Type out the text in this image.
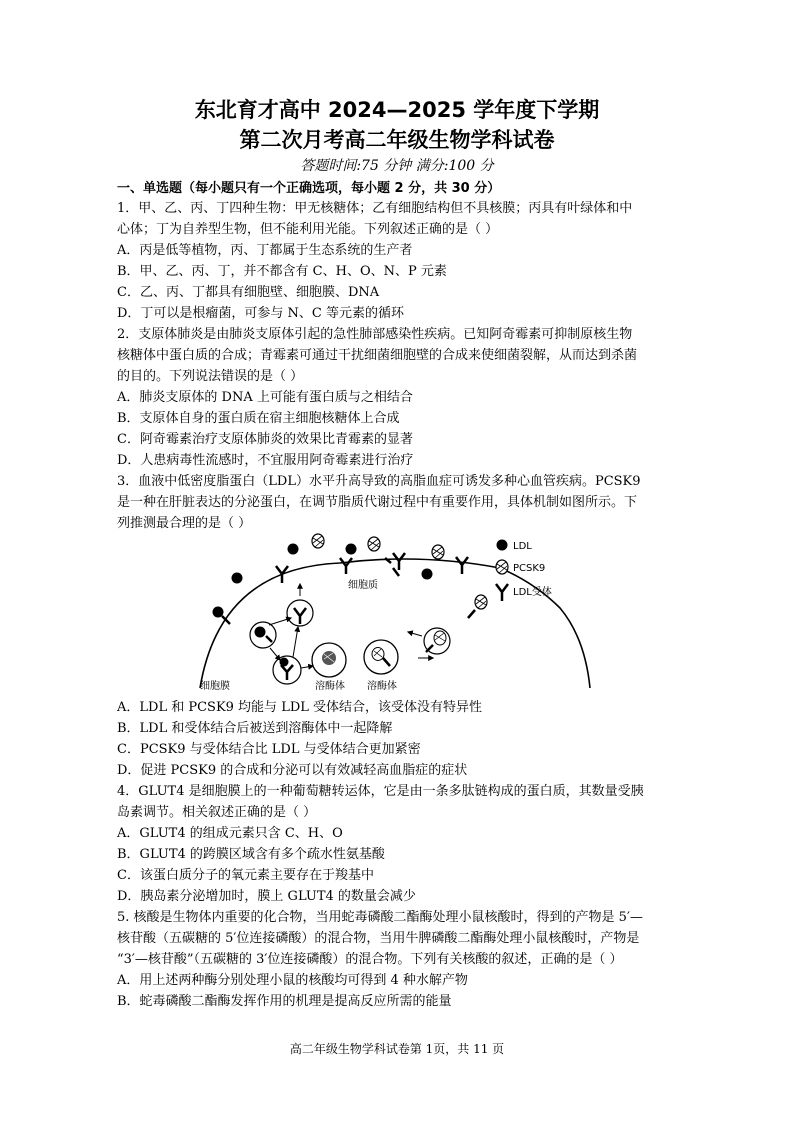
东北育才高中 2024—2025 学年度下学期
第二次月考高二年级生物学科试卷
答题时间:75 分钟 满分:100 分
一、单选题（每小题只有一个正确选项，每小题 2 分，共 30 分）
1．甲、乙、丙、丁四种生物：甲无核糖体；乙有细胞结构但不具核膜；丙具有叶绿体和中
心体；丁为自养型生物，但不能利用光能。下列叙述正确的是（ ）
A．丙是低等植物，丙、丁都属于生态系统的生产者
B．甲、乙、丙、丁，并不都含有 C、H、O、N、P 元素
C．乙、丙、丁都具有细胞壁、细胞膜、DNA
D．丁可以是根瘤菌，可参与 N、C 等元素的循环
2．支原体肺炎是由肺炎支原体引起的急性肺部感染性疾病。已知阿奇霉素可抑制原核生物
核糖体中蛋白质的合成；青霉素可通过干扰细菌细胞壁的合成来使细菌裂解，从而达到杀菌
的目的。下列说法错误的是（ ）
A．肺炎支原体的 DNA 上可能有蛋白质与之相结合
B．支原体自身的蛋白质在宿主细胞核糖体上合成
C．阿奇霉素治疗支原体肺炎的效果比青霉素的显著
D．人患病毒性流感时，不宜服用阿奇霉素进行治疗
3．血液中低密度脂蛋白（LDL）水平升高导致的高脂血症可诱发多种心血管疾病。PCSK9
是一种在肝脏表达的分泌蛋白，在调节脂质代谢过程中有重要作用，具体机制如图所示。下
列推测最合理的是（ ）
细胞质
细胞膜	溶酶体 溶酶体
LDL
PCSK9
LDL受体
A．LDL 和 PCSK9 均能与 LDL 受体结合，该受体没有特异性
B．LDL 和受体结合后被送到溶酶体中一起降解
C．PCSK9 与受体结合比 LDL 与受体结合更加紧密
D．促进 PCSK9 的合成和分泌可以有效减轻高血脂症的症状
4．GLUT4 是细胞膜上的一种葡萄糖转运体，它是由一条多肽链构成的蛋白质，其数量受胰
岛素调节。相关叙述正确的是（ ）
A．GLUT4 的组成元素只含 C、H、O
B．GLUT4 的跨膜区域含有多个疏水性氨基酸
C．该蛋白质分子的氧元素主要存在于羧基中
D．胰岛素分泌增加时，膜上 GLUT4 的数量会减少
5. 核酸是生物体内重要的化合物，当用蛇毒磷酸二酯酶处理小鼠核酸时，得到的产物是 5′—
核苷酸（五碳糖的 5′位连接磷酸）的混合物，当用牛脾磷酸二酯酶处理小鼠核酸时，产物是
“3′—核苷酸”（五碳糖的 3′位连接磷酸）的混合物。下列有关核酸的叙述，正确的是（ ）
A．用上述两种酶分别处理小鼠的核酸均可得到 4 种水解产物
B．蛇毒磷酸二酯酶发挥作用的机理是提高反应所需的能量
高二年级生物学科试卷第 1页，共 11 页
